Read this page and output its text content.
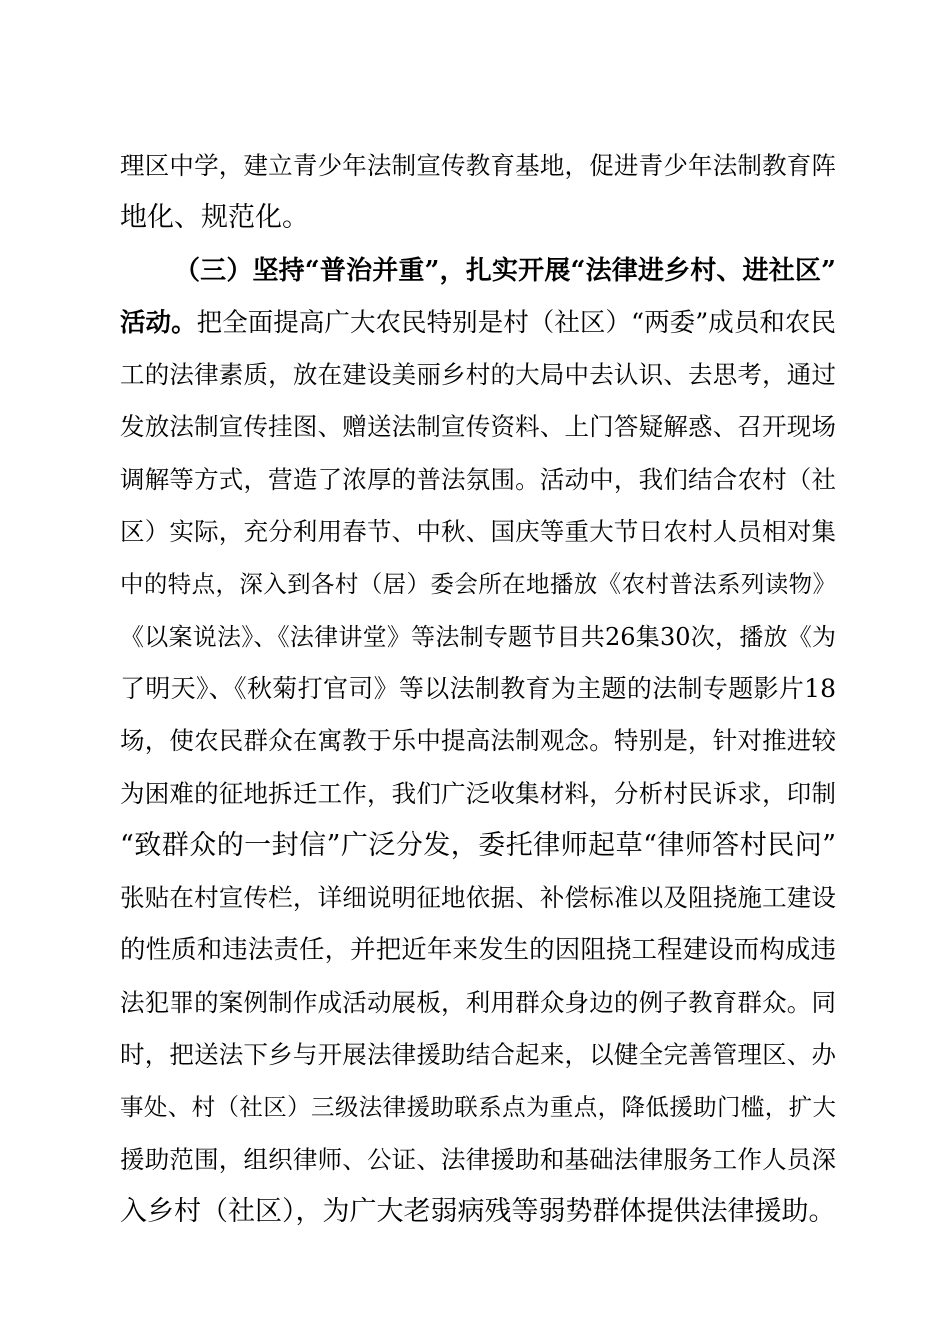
理区中学，建立青少年法制宣传教育基地，促进青少年法制教育阵
地化、规范化。
（三）坚持“普治并重”，扎实开展“法律进乡村、进社区”
活动。把全面提高广大农民特别是村（社区）“两委”成员和农民
工的法律素质，放在建设美丽乡村的大局中去认识、去思考，通过
发放法制宣传挂图、赠送法制宣传资料、上门答疑解惑、召开现场
调解等方式，营造了浓厚的普法氛围。活动中，我们结合农村（社
区）实际，充分利用春节、中秋、国庆等重大节日农村人员相对集
中的特点，深入到各村（居）委会所在地播放《农村普法系列读物》
《以案说法》、《法律讲堂》等法制专题节目共26集30次，播放《为
了明天》、《秋菊打官司》等以法制教育为主题的法制专题影片18
场，使农民群众在寓教于乐中提高法制观念。特别是，针对推进较
为困难的征地拆迁工作，我们广泛收集材料，分析村民诉求，印制
“致群众的一封信”广泛分发，委托律师起草“律师答村民问”
张贴在村宣传栏，详细说明征地依据、补偿标准以及阻挠施工建设
的性质和违法责任，并把近年来发生的因阻挠工程建设而构成违
法犯罪的案例制作成活动展板，利用群众身边的例子教育群众。同
时，把送法下乡与开展法律援助结合起来，以健全完善管理区、办
事处、村（社区）三级法律援助联系点为重点，降低援助门槛，扩大
援助范围，组织律师、公证、法律援助和基础法律服务工作人员深
入乡村（社区），为广大老弱病残等弱势群体提供法律援助。
